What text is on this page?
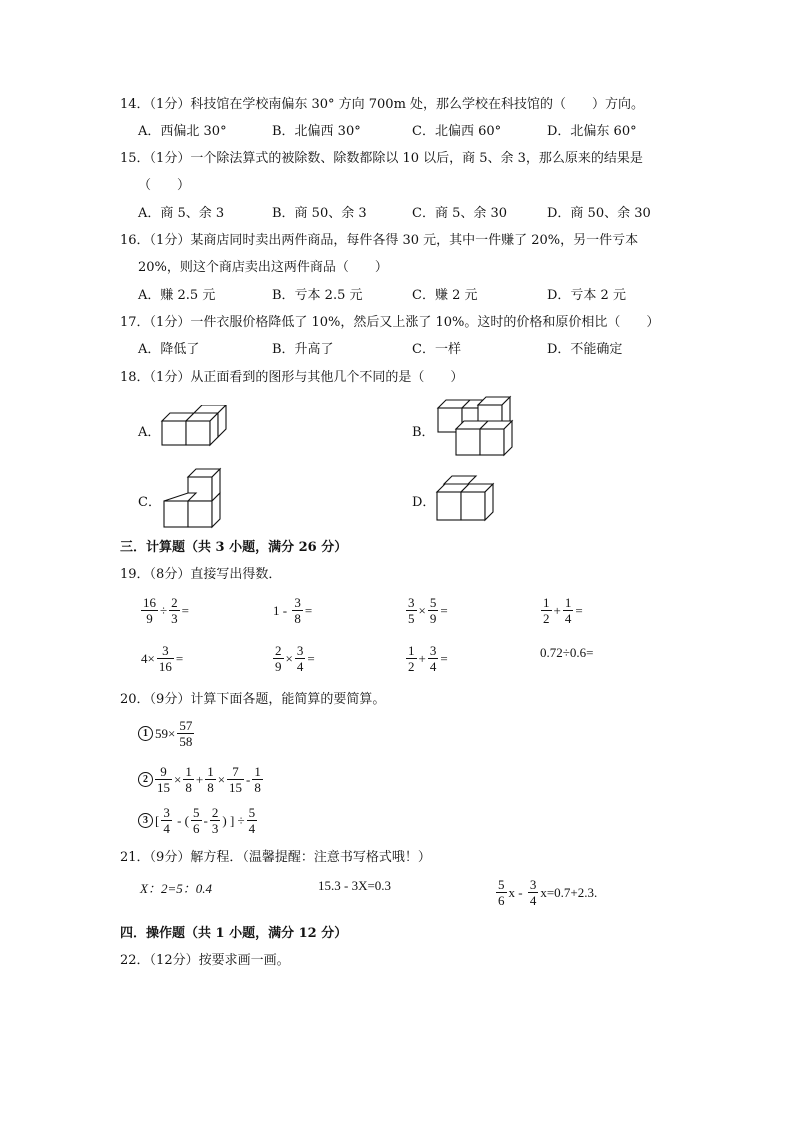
14．（1分）科技馆在学校南偏东 30° 方向 700m 处，那么学校在科技馆的（　　）方向。
A．西偏北 30°	B．北偏西 30°	C．北偏西 60°	D．北偏东 60°
15．（1分）一个除法算式的被除数、除数都除以 10 以后，商 5、余 3，那么原来的结果是
（　　）
A．商 5、余 3	B．商 50、余 3	C．商 5、余 30	D．商 50、余 30
16．（1分）某商店同时卖出两件商品，每件各得 30 元，其中一件赚了 20%，另一件亏本
20%，则这个商店卖出这两件商品（　　）
A．赚 2.5 元	B．亏本 2.5 元	C．赚 2 元	D．亏本 2 元
17．（1分）一件衣服价格降低了 10%，然后又上涨了 10%。这时的价格和原价相比（　　）
A．降低了	B．升高了	C．一样	D．不能确定
18．（1分）从正面看到的图形与其他几个不同的是（　　）
A．	B．
C．	D．
三．计算题（共 3 小题，满分 26 分）
19．（8分）直接写出得数．
$\frac{16}{9} \div \frac{2}{3}$ =	$1 - \frac{3}{8}$ =	$\frac{3}{5} \times \frac{5}{9}$ =	$\frac{1}{2} + \frac{1}{4}$ =
$4\times \frac{3}{16}$ =	$\frac{2}{9} \times \frac{3}{4}$ =	$\frac{1}{2} + \frac{3}{4}$ =	0.72÷0.6=
20．（9分）计算下面各题，能简算的要简算。
1 $59\times \frac{57}{58}$
$2 \frac{9}{15} \times \frac{1}{8} + \frac{1}{8} \times \frac{7}{15} - \frac{1}{8}$
3 [ $\frac{3}{4}$ - ( $\frac{5}{6} - \frac{2}{3}$ ) ] ÷ $\frac{5}{4}$
21．（9分）解方程．（温馨提醒：注意书写格式哦！）
X：2=5：0.4	15.3 - 3X=0.3	$\frac{5}{6}$ $x - \frac{3}{4} x=0.7+2.3$.
四．操作题（共 1 小题，满分 12 分）
22．（12分）按要求画一画。
